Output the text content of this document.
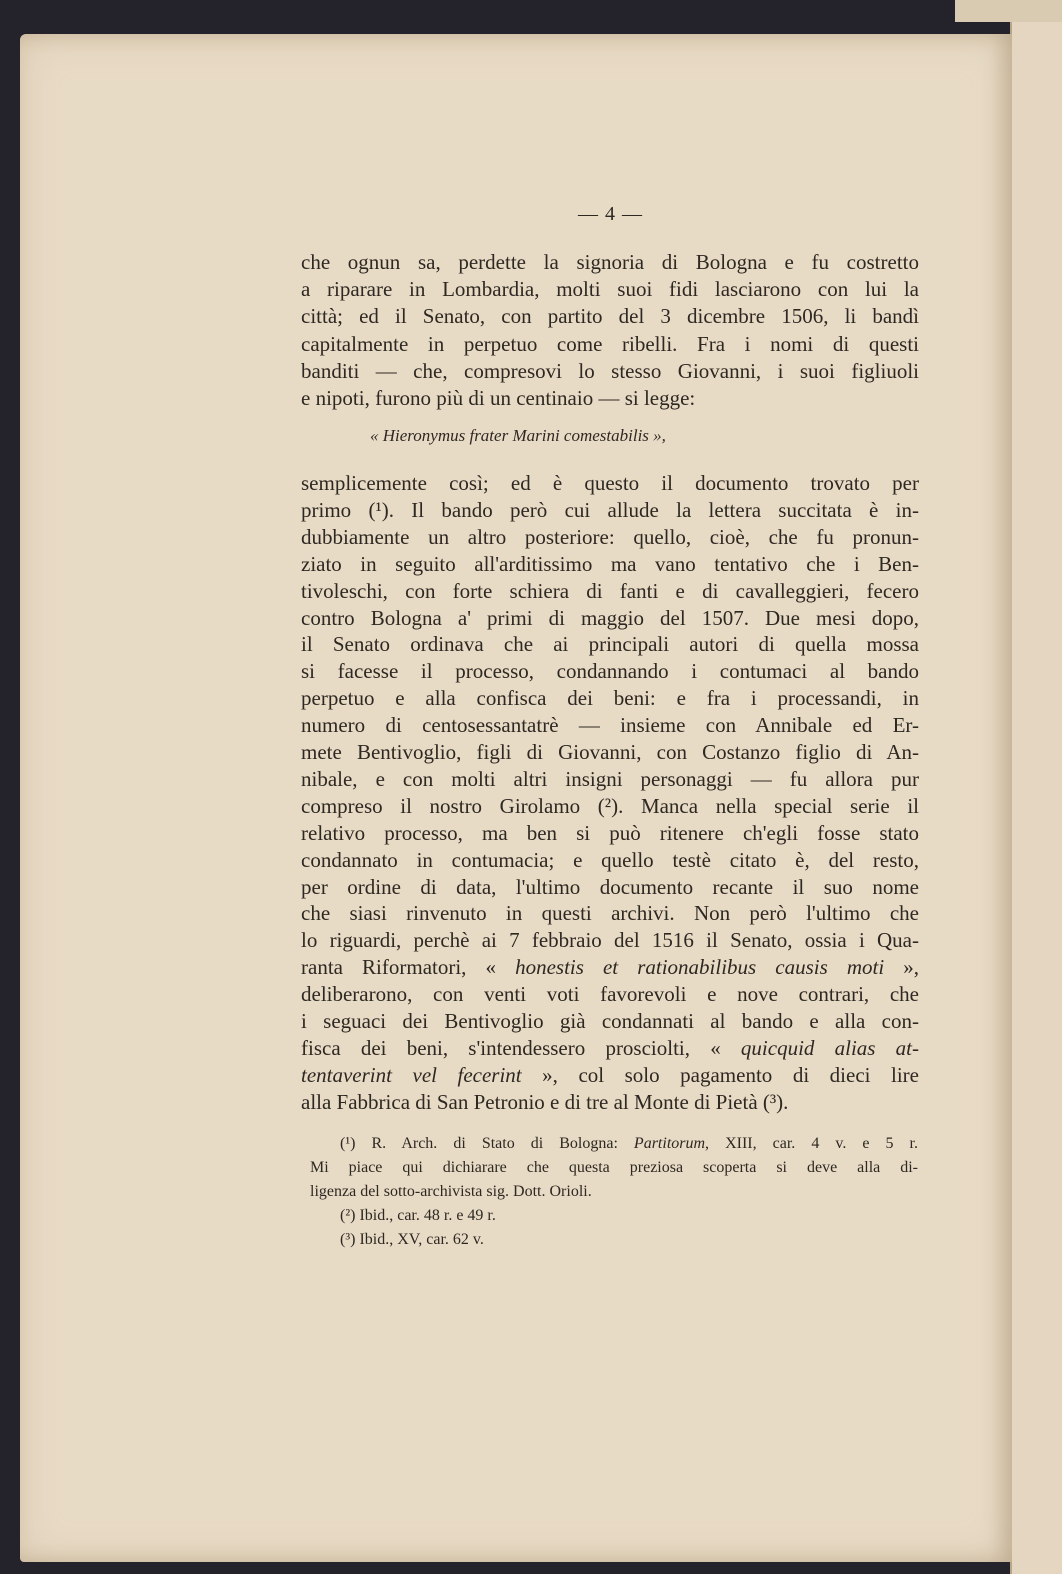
— 4 —
« Hieronymus frater Marini comestabilis »,
che ognun sa, perdette la signoria di Bologna e fu costretto
a riparare in Lombardia, molti suoi fidi lasciarono con lui la
città; ed il Senato, con partito del 3 dicembre 1506, li bandì
capitalmente in perpetuo come ribelli. Fra i nomi di questi
banditi — che, compresovi lo stesso Giovanni, i suoi figliuoli
e nipoti, furono più di un centinaio — si legge:
semplicemente così; ed è questo il documento trovato per
primo (¹). Il bando però cui allude la lettera succitata è in-
dubbiamente un altro posteriore: quello, cioè, che fu pronun-
ziato in seguito all'arditissimo ma vano tentativo che i Ben-
tivoleschi, con forte schiera di fanti e di cavalleggieri, fecero
contro Bologna a' primi di maggio del 1507. Due mesi dopo,
il Senato ordinava che ai principali autori di quella mossa
si facesse il processo, condannando i contumaci al bando
perpetuo e alla confisca dei beni: e fra i processandi, in
numero di centosessantatrè — insieme con Annibale ed Er-
mete Bentivoglio, figli di Giovanni, con Costanzo figlio di An-
nibale, e con molti altri insigni personaggi — fu allora pur
compreso il nostro Girolamo (²). Manca nella special serie il
relativo processo, ma ben si può ritenere ch'egli fosse stato
condannato in contumacia; e quello testè citato è, del resto,
per ordine di data, l'ultimo documento recante il suo nome
che siasi rinvenuto in questi archivi. Non però l'ultimo che
lo riguardi, perchè ai 7 febbraio del 1516 il Senato, ossia i Qua-
ranta Riformatori, « honestis et rationabilibus causis moti »,
deliberarono, con venti voti favorevoli e nove contrari, che
i seguaci dei Bentivoglio già condannati al bando e alla con-
fisca dei beni, s'intendessero prosciolti, « quicquid alias at-
tentaverint vel fecerint », col solo pagamento di dieci lire
alla Fabbrica di San Petronio e di tre al Monte di Pietà (³).
(¹) R. Arch. di Stato di Bologna: Partitorum, XIII, car. 4 v. e 5 r.
Mi piace qui dichiarare che questa preziosa scoperta si deve alla di-
ligenza del sotto-archivista sig. Dott. Orioli.
(²) Ibid., car. 48 r. e 49 r.
(³) Ibid., XV, car. 62 v.
